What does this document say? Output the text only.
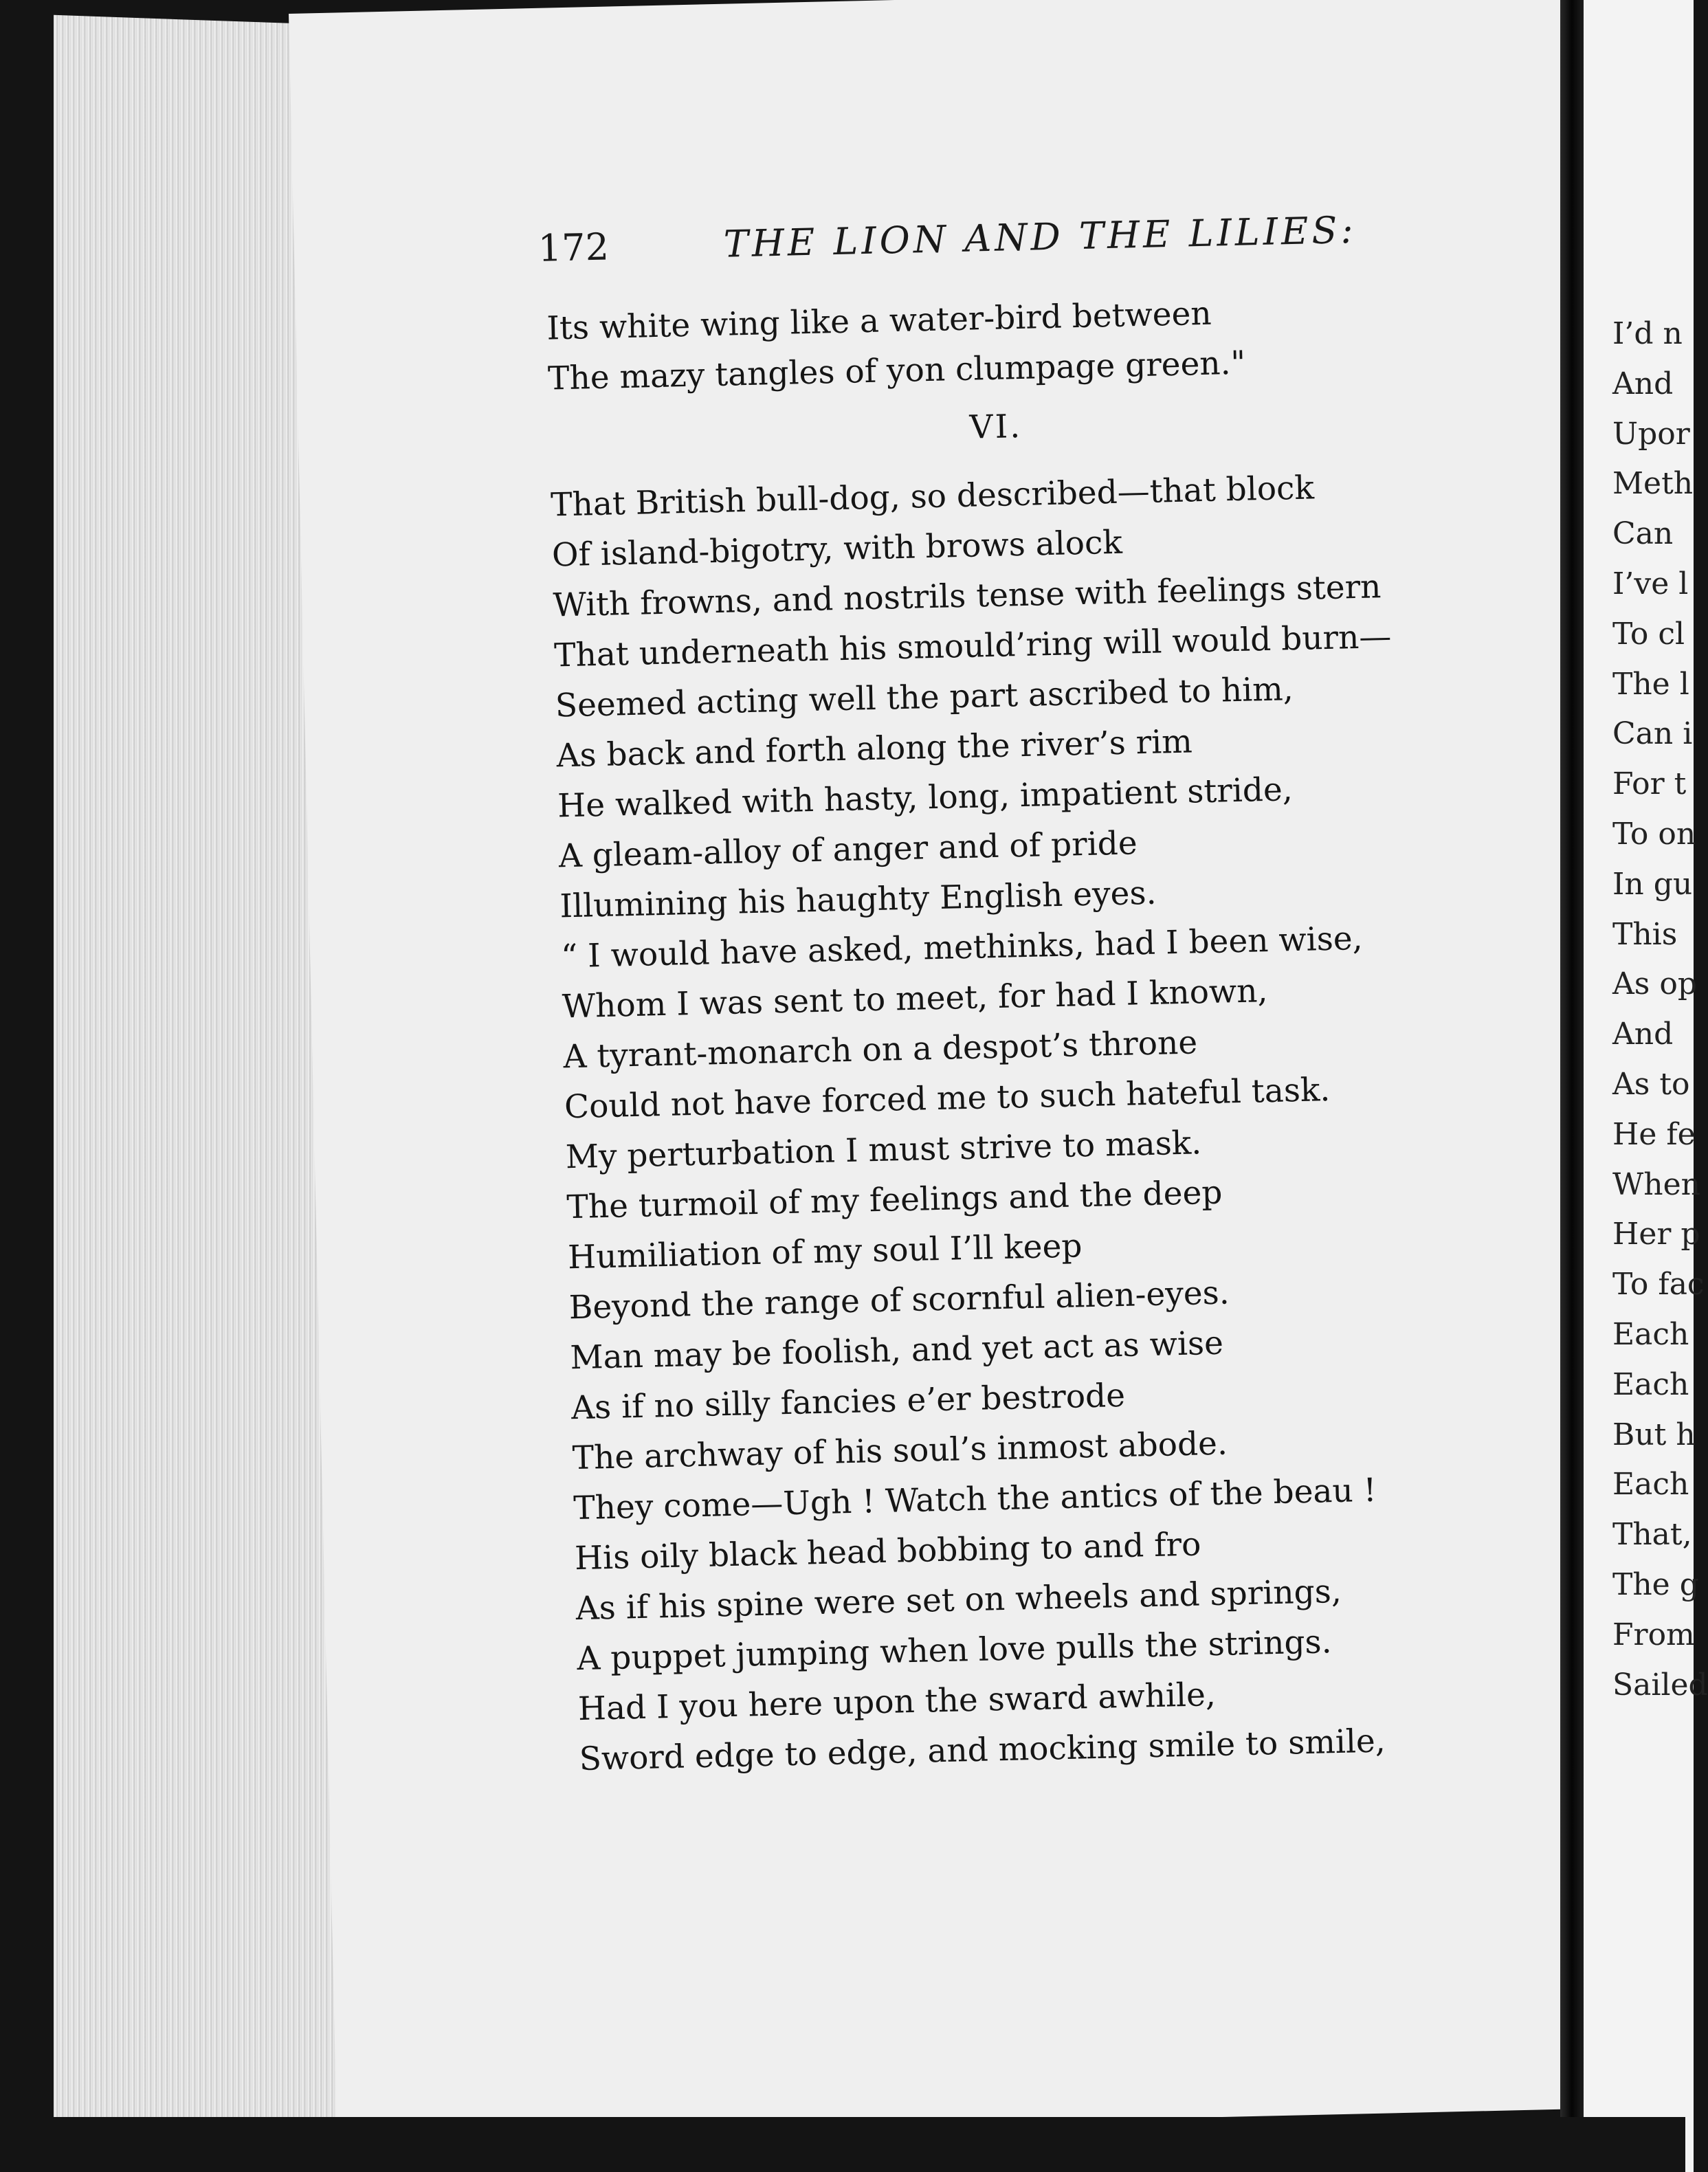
172	THE LION AND THE LILIES:
Its white wing like a water-bird between
The mazy tangles of yon clumpage green."
VI.
That British bull-dog, so described—that block
Of island-bigotry, with brows alock
With frowns, and nostrils tense with feelings stern
That underneath his smould’ring will would burn—
Seemed acting well the part ascribed to him,
As back and forth along the river’s rim
He walked with hasty, long, impatient stride,
A gleam-alloy of anger and of pride
Illumining his haughty English eyes.
“ I would have asked, methinks, had I been wise,
Whom I was sent to meet, for had I known,
A tyrant-monarch on a despot’s throne
Could not have forced me to such hateful task.
My perturbation I must strive to mask.
The turmoil of my feelings and the deep
Humiliation of my soul I’ll keep
Beyond the range of scornful alien-eyes.
Man may be foolish, and yet act as wise
As if no silly fancies e’er bestrode
The archway of his soul’s inmost abode.
They come—Ugh ! Watch the antics of the beau !
His oily black head bobbing to and fro
As if his spine were set on wheels and springs,
A puppet jumping when love pulls the strings.
Had I you here upon the sward awhile,
Sword edge to edge, and mocking smile to smile,
I’d n
And
Upor
Meth
Can
I’ve l
To cl
The l
Can i
For t
To on
In gu
This
As op
And
As to
He fe
When
Her p
To fac
Each
Each
But h
Each
That,
The g
From
Sailed
